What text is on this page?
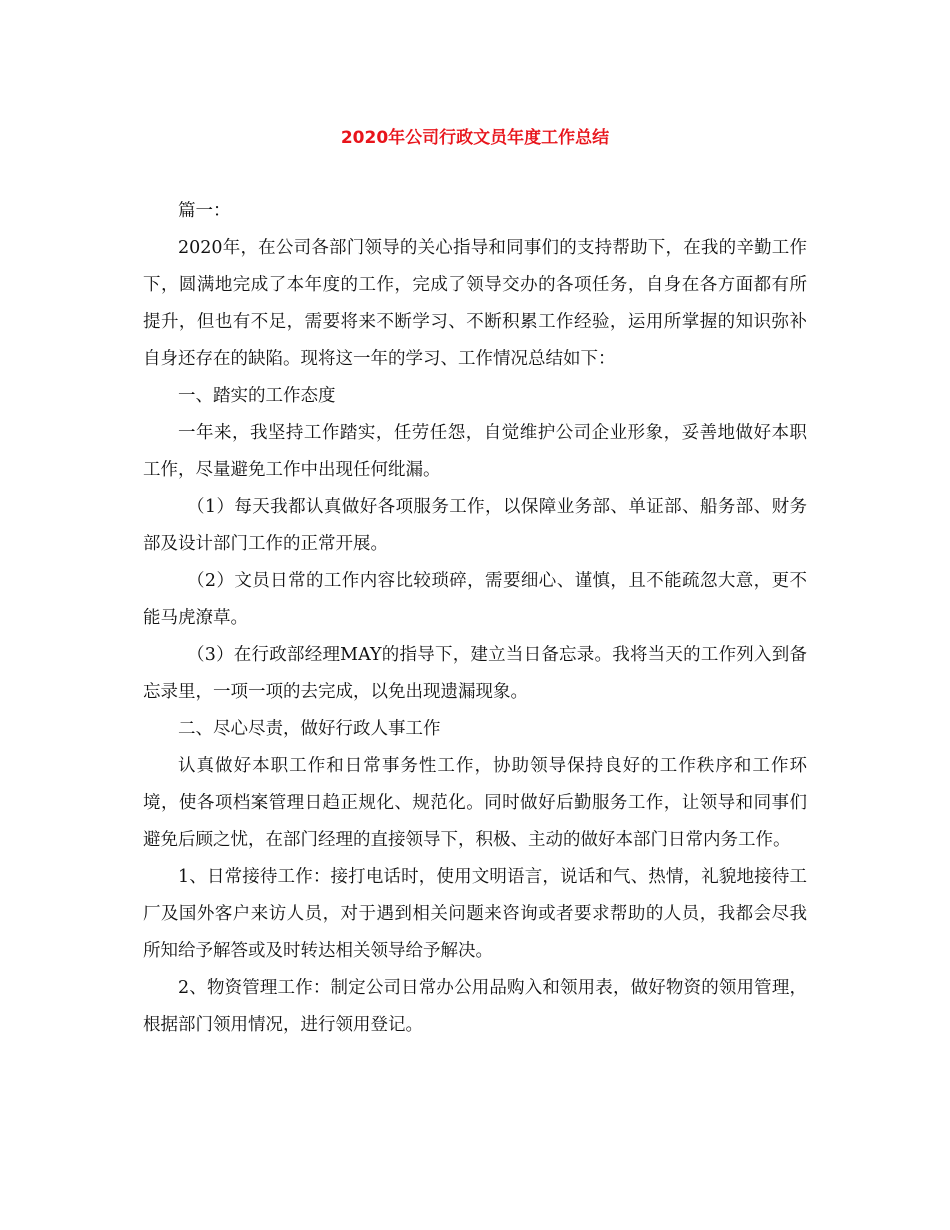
2020年公司行政文员年度工作总结

篇一：

2020年，在公司各部门领导的关心指导和同事们的支持帮助下，在我的辛勤工作下，圆满地完成了本年度的工作，完成了领导交办的各项任务，自身在各方面都有所提升，但也有不足，需要将来不断学习、不断积累工作经验，运用所掌握的知识弥补自身还存在的缺陷。现将这一年的学习、工作情况总结如下：

一、踏实的工作态度

一年来，我坚持工作踏实，任劳任怨，自觉维护公司企业形象，妥善地做好本职工作，尽量避免工作中出现任何纰漏。

（1）每天我都认真做好各项服务工作，以保障业务部、单证部、船务部、财务部及设计部门工作的正常开展。

（2）文员日常的工作内容比较琐碎，需要细心、谨慎，且不能疏忽大意，更不能马虎潦草。

（3）在行政部经理MAY的指导下，建立当日备忘录。我将当天的工作列入到备忘录里，一项一项的去完成，以免出现遗漏现象。

二、尽心尽责，做好行政人事工作

认真做好本职工作和日常事务性工作，协助领导保持良好的工作秩序和工作环境，使各项档案管理日趋正规化、规范化。同时做好后勤服务工作，让领导和同事们避免后顾之忧，在部门经理的直接领导下，积极、主动的做好本部门日常内务工作。

1、日常接待工作：接打电话时，使用文明语言，说话和气、热情，礼貌地接待工厂及国外客户来访人员，对于遇到相关问题来咨询或者要求帮助的人员，我都会尽我所知给予解答或及时转达相关领导给予解决。

2、物资管理工作：制定公司日常办公用品购入和领用表，做好物资的领用管理，根据部门领用情况，进行领用登记。
